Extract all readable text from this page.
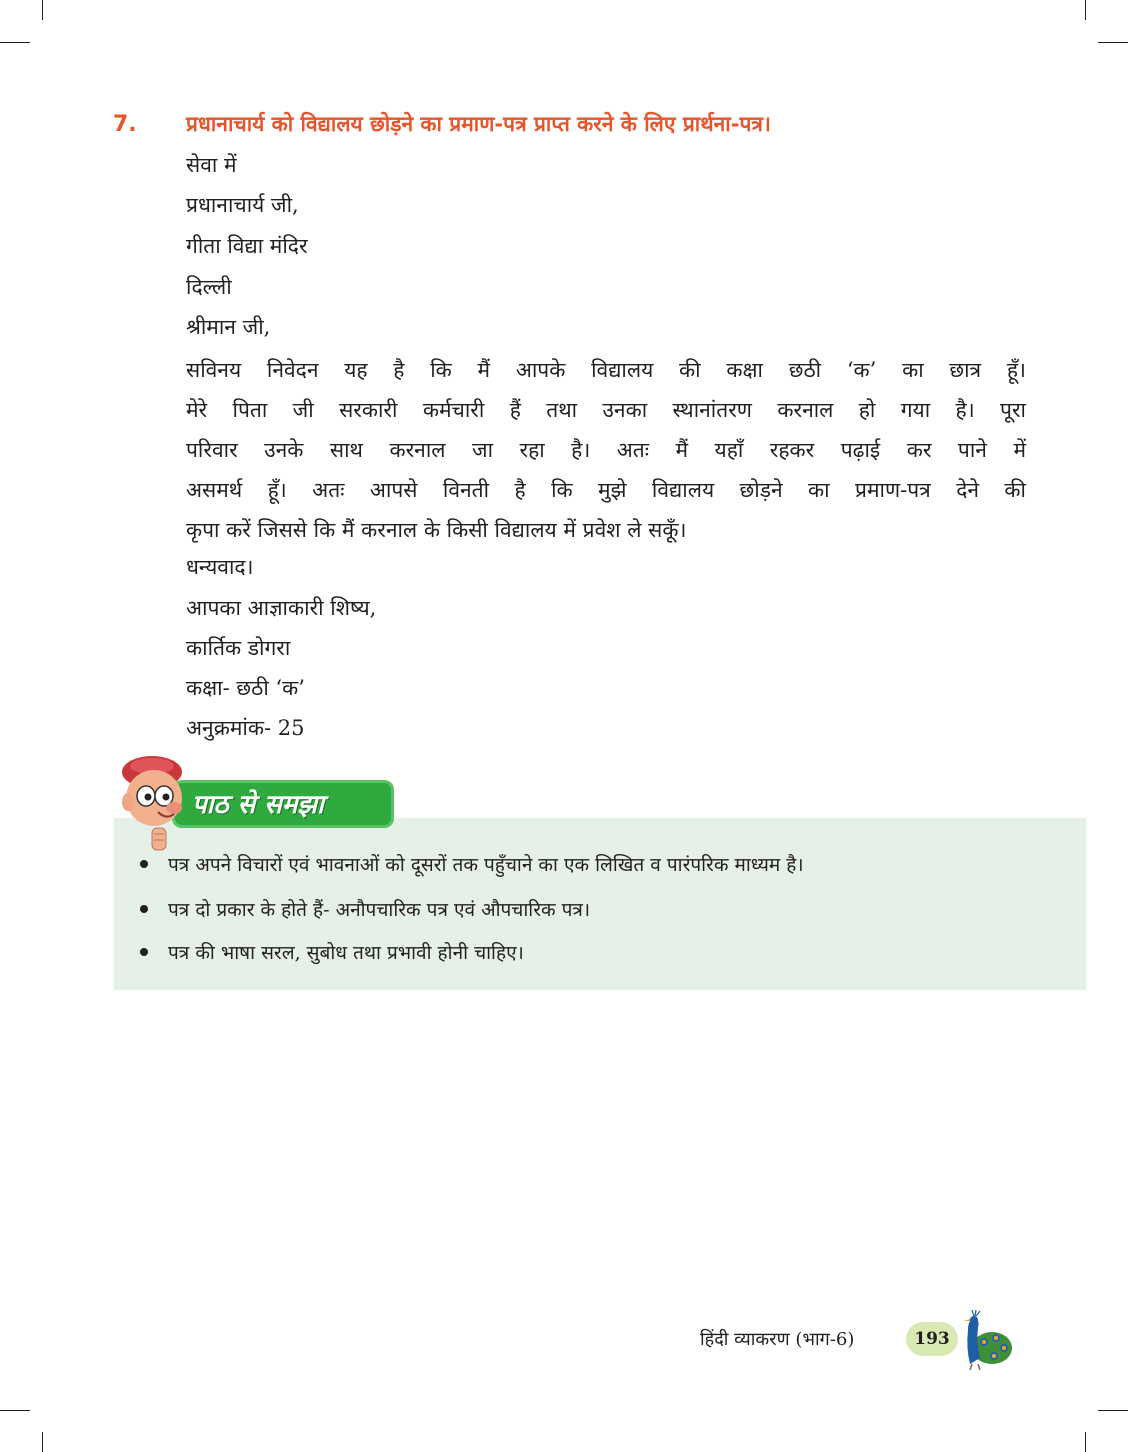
7. प्रधानाचार्य को विद्यालय छोड़ने का प्रमाण-पत्र प्राप्त करने के लिए प्रार्थना-पत्र।
सेवा में
प्रधानाचार्य जी,
गीता विद्या मंदिर
दिल्ली
श्रीमान जी,
सविनय निवेदन यह है कि मैं आपके विद्यालय की कक्षा छठी ‘क’ का छात्र हूँ।
मेरे पिता जी सरकारी कर्मचारी हैं तथा उनका स्थानांतरण करनाल हो गया है। पूरा
परिवार उनके साथ करनाल जा रहा है। अतः मैं यहाँ रहकर पढ़ाई कर पाने में
असमर्थ हूँ। अतः आपसे विनती है कि मुझे विद्यालय छोड़ने का प्रमाण-पत्र देने की
कृपा करें जिससे कि मैं करनाल के किसी विद्यालय में प्रवेश ले सकूँ।
धन्यवाद।
आपका आज्ञाकारी शिष्य,
कार्तिक डोगरा
कक्षा- छठी ‘क’
अनुक्रमांक- 25
पाठ से समझा
पत्र अपने विचारों एवं भावनाओं को दूसरों तक पहुँचाने का एक लिखित व पारंपरिक माध्यम है।
पत्र दो प्रकार के होते हैं- अनौपचारिक पत्र एवं औपचारिक पत्र।
पत्र की भाषा सरल, सुबोध तथा प्रभावी होनी चाहिए।
हिंदी व्याकरण (भाग-6)	193
